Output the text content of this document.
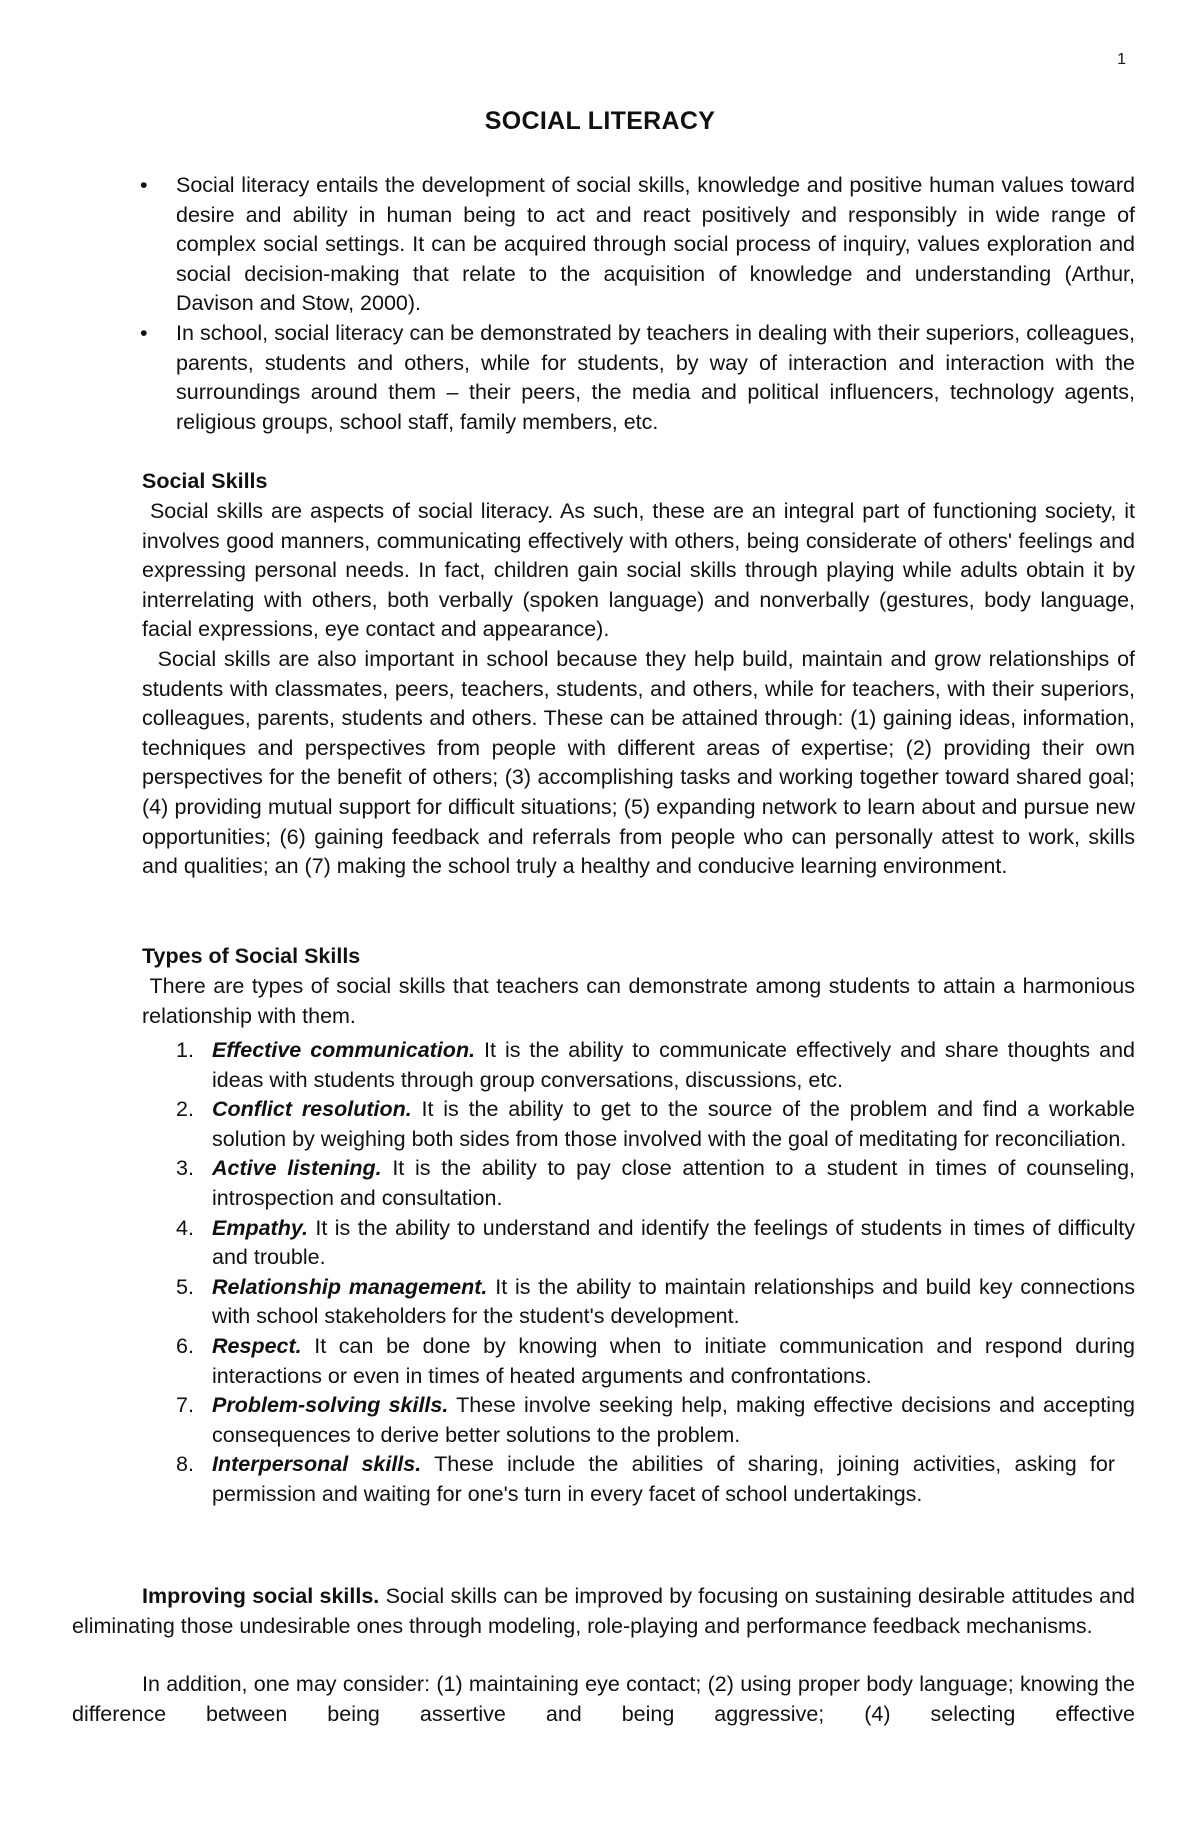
1
SOCIAL LITERACY
• Social literacy entails the development of social skills, knowledge and positive human values toward desire and ability in human being to act and react positively and responsibly in wide range of complex social settings. It can be acquired through social process of inquiry, values exploration and social decision-making that relate to the acquisition of knowledge and understanding (Arthur, Davison and Stow, 2000).
• In school, social literacy can be demonstrated by teachers in dealing with their superiors, colleagues, parents, students and others, while for students, by way of interaction and interaction with the surroundings around them – their peers, the media and political influencers, technology agents, religious groups, school staff, family members, etc.
Social Skills
Social skills are aspects of social literacy. As such, these are an integral part of functioning society, it involves good manners, communicating effectively with others, being considerate of others' feelings and expressing personal needs. In fact, children gain social skills through playing while adults obtain it by interrelating with others, both verbally (spoken language) and nonverbally (gestures, body language, facial expressions, eye contact and appearance).
Social skills are also important in school because they help build, maintain and grow relationships of students with classmates, peers, teachers, students, and others, while for teachers, with their superiors, colleagues, parents, students and others. These can be attained through: (1) gaining ideas, information, techniques and perspectives from people with different areas of expertise; (2) providing their own perspectives for the benefit of others; (3) accomplishing tasks and working together toward shared goal; (4) providing mutual support for difficult situations; (5) expanding network to learn about and pursue new opportunities; (6) gaining feedback and referrals from people who can personally attest to work, skills and qualities; an (7) making the school truly a healthy and conducive learning environment.
Types of Social Skills
There are types of social skills that teachers can demonstrate among students to attain a harmonious relationship with them.
1. Effective communication. It is the ability to communicate effectively and share thoughts and ideas with students through group conversations, discussions, etc.
2. Conflict resolution. It is the ability to get to the source of the problem and find a workable solution by weighing both sides from those involved with the goal of meditating for reconciliation.
3. Active listening. It is the ability to pay close attention to a student in times of counseling, introspection and consultation.
4. Empathy. It is the ability to understand and identify the feelings of students in times of difficulty and trouble.
5. Relationship management. It is the ability to maintain relationships and build key connections with school stakeholders for the student's development.
6. Respect. It can be done by knowing when to initiate communication and respond during interactions or even in times of heated arguments and confrontations.
7. Problem-solving skills. These involve seeking help, making effective decisions and accepting consequences to derive better solutions to the problem.
8. Interpersonal skills. These include the abilities of sharing, joining activities, asking for permission and waiting for one's turn in every facet of school undertakings.
Improving social skills. Social skills can be improved by focusing on sustaining desirable attitudes and eliminating those undesirable ones through modeling, role-playing and performance feedback mechanisms.
In addition, one may consider: (1) maintaining eye contact; (2) using proper body language; knowing the difference between being assertive and being aggressive; (4) selecting effective
